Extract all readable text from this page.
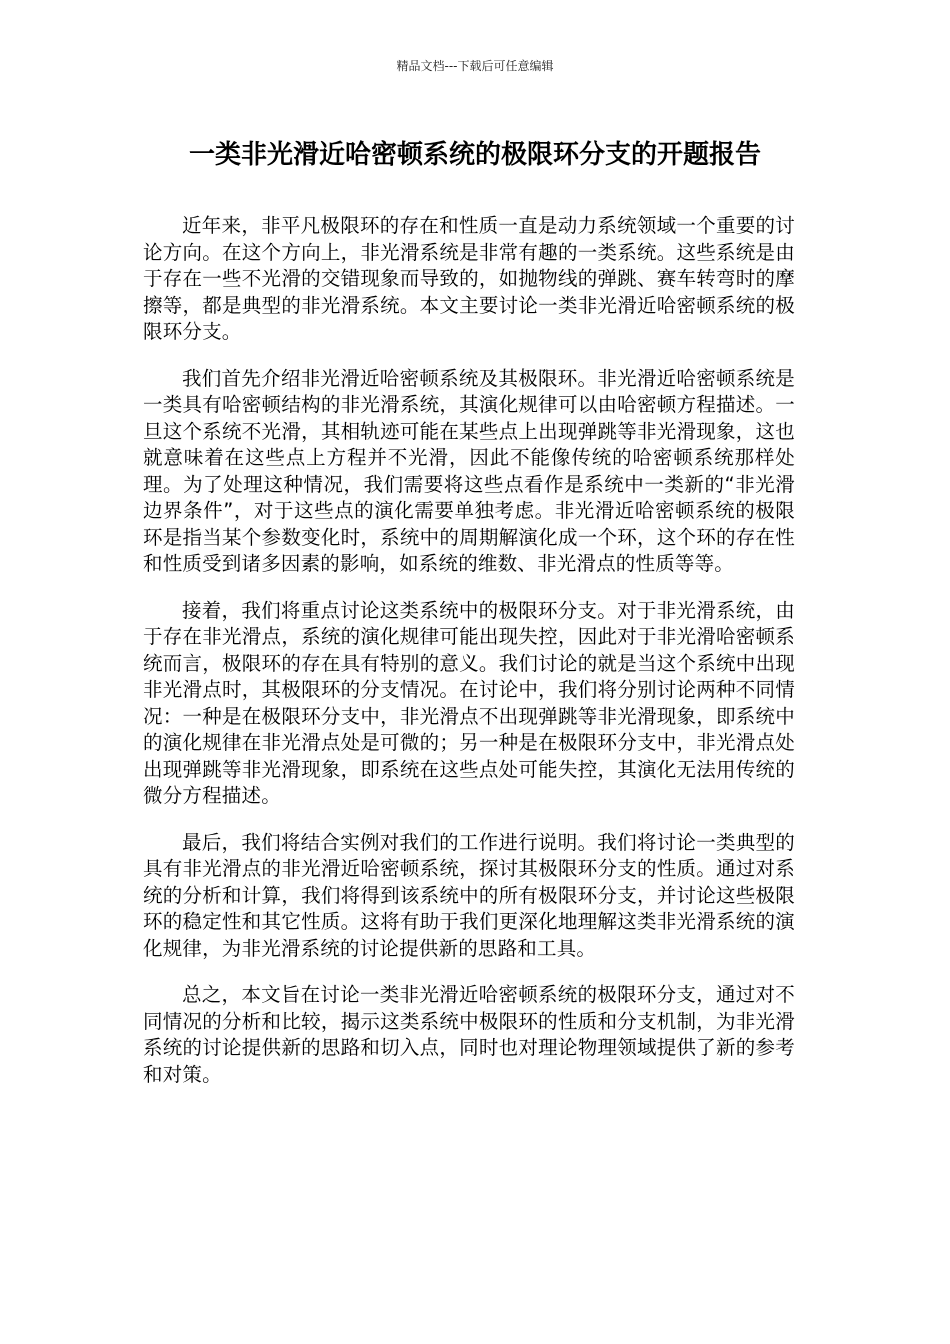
精品文档---下载后可任意编辑
一类非光滑近哈密顿系统的极限环分支的开题报告

近年来，非平凡极限环的存在和性质一直是动力系统领域一个重要的讨论方向。在这个方向上，非光滑系统是非常有趣的一类系统。这些系统是由于存在一些不光滑的交错现象而导致的，如抛物线的弹跳、赛车转弯时的摩擦等，都是典型的非光滑系统。本文主要讨论一类非光滑近哈密顿系统的极限环分支。

我们首先介绍非光滑近哈密顿系统及其极限环。非光滑近哈密顿系统是一类具有哈密顿结构的非光滑系统，其演化规律可以由哈密顿方程描述。一旦这个系统不光滑，其相轨迹可能在某些点上出现弹跳等非光滑现象，这也就意味着在这些点上方程并不光滑，因此不能像传统的哈密顿系统那样处理。为了处理这种情况，我们需要将这些点看作是系统中一类新的“非光滑边界条件”，对于这些点的演化需要单独考虑。非光滑近哈密顿系统的极限环是指当某个参数变化时，系统中的周期解演化成一个环，这个环的存在性和性质受到诸多因素的影响，如系统的维数、非光滑点的性质等等。

接着，我们将重点讨论这类系统中的极限环分支。对于非光滑系统，由于存在非光滑点，系统的演化规律可能出现失控，因此对于非光滑哈密顿系统而言，极限环的存在具有特别的意义。我们讨论的就是当这个系统中出现非光滑点时，其极限环的分支情况。在讨论中，我们将分别讨论两种不同情况：一种是在极限环分支中，非光滑点不出现弹跳等非光滑现象，即系统中的演化规律在非光滑点处是可微的；另一种是在极限环分支中，非光滑点处出现弹跳等非光滑现象，即系统在这些点处可能失控，其演化无法用传统的微分方程描述。

最后，我们将结合实例对我们的工作进行说明。我们将讨论一类典型的具有非光滑点的非光滑近哈密顿系统，探讨其极限环分支的性质。通过对系统的分析和计算，我们将得到该系统中的所有极限环分支，并讨论这些极限环的稳定性和其它性质。这将有助于我们更深化地理解这类非光滑系统的演化规律，为非光滑系统的讨论提供新的思路和工具。

总之，本文旨在讨论一类非光滑近哈密顿系统的极限环分支，通过对不同情况的分析和比较，揭示这类系统中极限环的性质和分支机制，为非光滑系统的讨论提供新的思路和切入点，同时也对理论物理领域提供了新的参考和对策。
